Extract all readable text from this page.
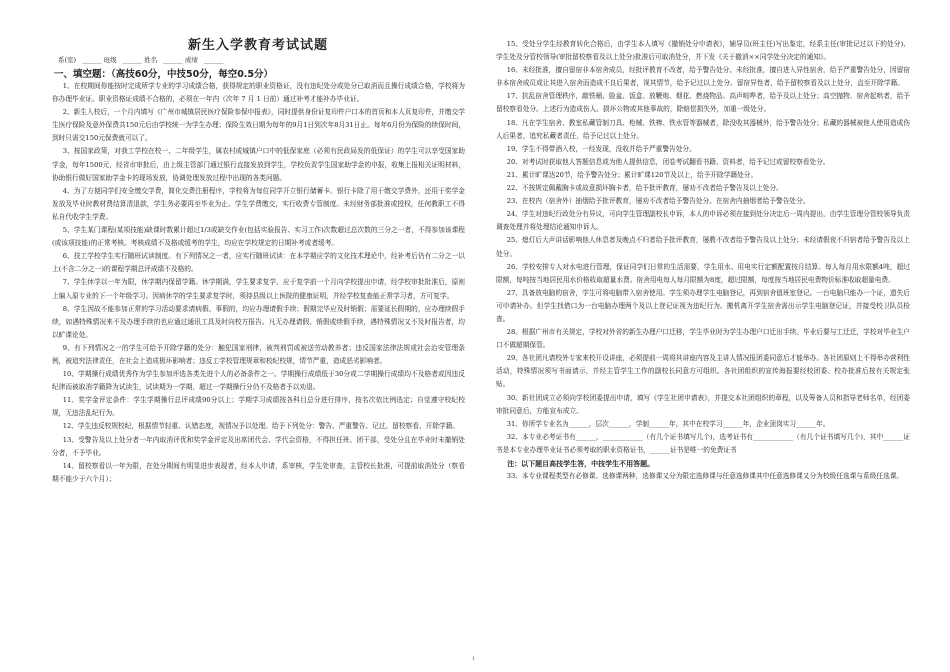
新生入学教育考试试题
系(室) ______ 班级 ______ 姓名 ______ 成绩 ______
一、填空题：（高技60分，中技50分，每空0.5分）

1、在校期间你能按时完成所学专业的学习成绩合格，获得规定的职业资格证，没有违纪处分或处分已取消而且操行成绩合格，学校将为你办理毕业证。职业资格证成绩不合格的，必须在一年内（次年 7 月 1 日前）通过补考才能补办毕业证。

2、新生入校后，一个月内填写《广州市城镇居民医疗保险参保申报表》，同时提供身份证复印件户口本的首页和本人页复印件，并缴交学生医疗保险及意外保费共150元后由学校统一为学生办理；保险生效日期为每年的9月1日到次年8月31日止。每年6月份为保险的续保时间，到时只需交150元保费就可以了。

3、按国家政策，对我工学校在校一、二年级学生，属农村或城镇户口中的低保家庭（必须有民政局发的低保证）的学生可以享受国家助学金，每年1500元，经省市审批后，由上级主管部门通过银行直接发放到学生，学校负责学生国家助学金的申报，收集上报相关证明材料，协助银行做好国家助学金卡的现场发放，协调处理发放过程中出现的各类问题。

4、为了方便同学们安全缴交学费，简化交费注册程序，学校将为每位同学开立银行储蓄卡。银行卡除了用于缴交学费外，还用于奖学金发放及毕业时教材费结算清退款，学生务必要再至毕业为止。学生学费缴交，实行收费专管制度。未经财务部批准或授权，任何教职工不得私自代收学生学费。

5、学生某门课程(某项技能)缺课时数累计超过1/3或缺交作业(包括实验报告、实习工作)次数超过总次数的三分之一者，不得参加该课程(或该项技能)的正常考核。考核成绩不及格或缓考的学生，均应在学校规定的日期补考或者缓考。

6、技工学校学生实行随班试读制度。有下列情况之一者，应实行随班试读：在本学期应学的文化技术理论中，经补考后仍有二分之一以上(不含二分之一)的课程学期总评成绩不及格的。

7、学生休学以一年为限，休学期内保留学籍。休学期满，学生要求复学，应于复学前一个月向学校提出申请，经学校审批批准后，原则上编入原专业的下一个年级学习。因病休学的学生要求复学时，须持县级以上医院的健康证明，并经学校复查能正常学习者，方可复学。

8、学生因故不能参加正常的学习活动要求请病假、事假的，均应办理请假手续；假期完毕应及时销假；需要延长假期的，应办理续假手续，如遇特殊情况来不及办理手续的也应通过通讯工具及时向校方报告。凡无办理请假、销假或续假手续，遇特殊情况又不及时报告者，均以旷课论处。

9、有下列情况之一的学生可给予开除学籍的处分：触犯国家刑律，被判刑罚或被送劳动教养者；违反国家法律法规或社会治安管理条例，被追究法律责任，在社会上造成极坏影响者；违反工学校管理规章和校纪校规，情节严重，造成恶劣影响者。

10、学期操行成绩优秀作为学生参加评选各类先进个人的必备条件之一。学期操行成绩低于30分或二学期操行成绩均不及格者或因违反纪律而被取消学籍降为试读生，试读期为一学期，超过一学期操行分仍不及格者予以劝退。

11、奖学金评定条件：学生学期操行总评成绩90分以上；学期学习成绩按各科目总分进行排序，按名次依比例选定；自觉遵守校纪校规，无违法乱纪行为。

12、学生违反校规校纪，根据情节轻重、认错态度，视情况予以处理。给予下列处分：警告、严重警告、记过、留校察看、开除学籍。

13、受警告及以上处分者一年内取消评优和奖学金评定及出席团代会、学代会资格，不得担任班、团干部，受处分且在毕业时未撤销处分者，不予毕业。

14、留校察看以一年为限，在处分期间有明显进步表现者，经本人申请，系审核，学生处审查，主管校长批准，可提前取消处分（察看期不能少于六个月）；

15、受处分学生经教育转化合格后，由学生本人填写《撤销处分申请表》，辅导员(班主任)写出鉴定，经系主任(审批记过以下的处分)、学生处及分管校领导(审批留校察看及以上处分)批准后可取消处分，并下发《关于撤消××同学处分决定的通知》。

16、未经批准，擅自留宿非本宿舍成员，经批评教育不改者，给予警告处分。未经批准，擅自进入异性宿舍，给予严重警告处分，因留宿非本宿舍成员或让其进入宿舍而造成不良后果者，视其情节，给予记过以上处分。留宿异性者，给予留校察看及以上处分，直至开除学籍。

17、抗乱宿舍管理秩序，敲铁桶、脸盆、饭盒、放鞭炮、烟花、燃烧物品、高声喧哗者，给予及以上处分；高空抛物、宿舍起哄者，给予留校察看处分。上述行为造成伤人、损坏公物或其他事故的，除赔偿损失外，加重一级处分。

18、凡在学生宿舍、教室私藏管制刀具、枪械、铁棒、铁水管等器械者，除没收其器械外，给予警告处分；私藏的器械被他人使用造成伤人后果者，追究私藏者责任，给予记过以上处分。

19、学生不得带酒入校，一经发现，没收并给予严重警告处分。

20、对考试时获取他人答题信息或为他人提供信息，闭卷考试翻看书籍、资料者，给予记过或留校察看处分。

21、累计旷课达20节，给予警告处分；累计旷课120节及以上，给予开除学籍处分。

22、不按规定佩戴胸卡或故意损坏胸卡者，给予批评教育，屡劝不改者给予警告及以上处分。

23、在校内（宿舍外）抽烟给予批评教育，屡劝不改者给予警告处分。在宿舍内抽烟者给予警告处分。

24、学生对违纪行政处分有异议，可向学生管理副校长申诉，本人的申诉必须在接到处分决定后一周内提出，由学生管理分管校领导负责调查处理并将处理结论通知申诉人。

25、熄灯后大声讲话影响他人休息者及晚点不归者给予批评教育，屡教不改者给予警告及以上处分；未经请假夜不归宿者给予警告及以上处分。

26、学校安排专人对水电进行管理，保证同学们日常的生活需要，学生用水、用电实行定额配置按月结算。每人每月用水限额4吨，超过限额，每吨按当地居民用水价格收取超量水费。宿舍用电每人每月限额为8度，超过限额，每度按当地居民电费物价标准收取超量电费。

27、具备放电脑的宿舍，学生可将电脑带入宿舍使用。学生须办理学生电脑登记，再到宿舍值班室登记。一台电脑只能办一个证，遗失后可申请补办。但学生找借口为一台电脑办理两个及以上登记证视为违纪行为。搬机离开学生宿舍需出示学生电脑登记证，并接受校卫队员检查。

28、根据广州市有关规定，学校对外省的新生办理户口迁移，学生毕业时为学生办理户口迁出手续。毕业后要与工迁迁，学校对毕业生户口不做超期保管。

29、各社团凡请校外专家来校开设讲座，必须提前一周将其讲座内容及主讲人情况报团委同意后才能举办。各社团原则上不得举办营利性活动，特殊情况须写书面请示，并经主管学生工作的副校长同意方可组织。各社团组织的宣传海报要经校团委、校办批准后按有关规定张贴。

30、新社团成立必须向学校团委提出申请，填写《学生社团申请表》，并提交本社团组织的章程，以及筹备人员和指导老师名单，经团委审批同意后，方能宣布成立。

31、你所学专业名为______，层次______，学制______年，其中在校学习______年，企业顶岗实习______年。

32、本专业必考证书有______，____________（有几个证书填写几个)，选考证书有____________（有几个证书填写几个)，其中______证书是本专业办理毕业证书必须考取的职业资格证书，______证书是唯一的免费证书

注：以下题目高技学生答，中技学生不用答题。

33、本专业课程类型有必修课、选修课两种，选修课又分为限定选修课与任意选修课其中任意选修课又分为校级任选课与系级任选课。

1
